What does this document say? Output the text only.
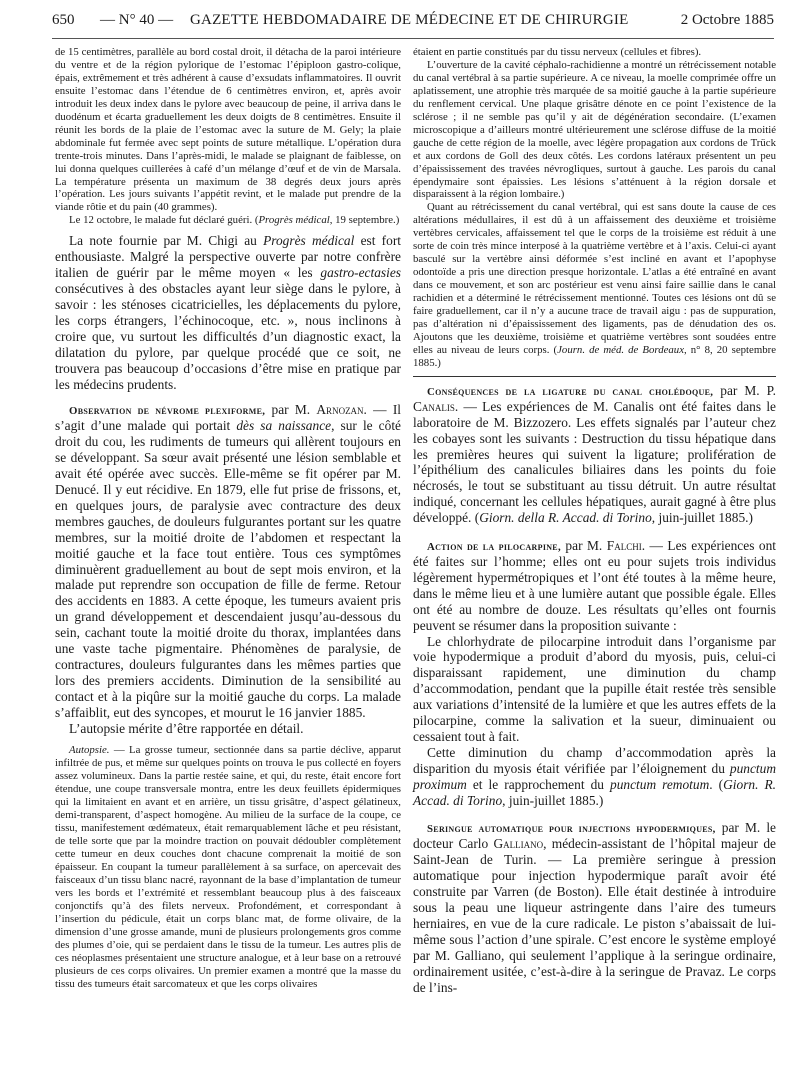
650 — N° 40 — GAZETTE HEBDOMADAIRE DE MÉDECINE ET DE CHIRURGIE	2 Octobre 1885

de 15 centimètres, parallèle au bord costal droit, il détacha de la paroi intérieure du ventre et de la région pylorique de l’estomac l’épiploon gastro-colique, épais, extrêmement et très adhérent à cause d’exsudats inflammatoires. Il ouvrit ensuite l’estomac dans l’étendue de 6 centimètres environ, et, après avoir introduit les deux index dans le pylore avec beaucoup de peine, il arriva dans le duodénum et écarta graduellement les deux doigts de 8 centimètres. Ensuite il réunit les bords de la plaie de l’estomac avec la suture de M. Gely; la plaie abdominale fut fermée avec sept points de suture métallique. L’opération dura trente-trois minutes. Dans l’après-midi, le malade se plaignant de faiblesse, on lui donna quelques cuillerées à café d’un mélange d’œuf et de vin de Marsala. La température présenta un maximum de 38 degrés deux jours après l’opération. Les jours suivants l’appétit revint, et le malade put prendre de la viande rôtie et du pain (40 grammes).

Le 12 octobre, le malade fut déclaré guéri. (Progrès médical, 19 septembre.)

La note fournie par M. Chigi au Progrès médical est fort enthousiaste. Malgré la perspective ouverte par notre confrère italien de guérir par le même moyen « les gastro-ectasies consécutives à des obstacles ayant leur siège dans le pylore, à savoir : les sténoses cicatricielles, les déplacements du pylore, les corps étrangers, l’échinocoque, etc. », nous inclinons à croire que, vu surtout les difficultés d’un diagnostic exact, la dilatation du pylore, par quelque procédé que ce soit, ne trouvera pas beaucoup d’occasions d’être mise en pratique par les médecins prudents.

Observation de névrome plexiforme, par M. Arnozan. — Il s’agit d’une malade qui portait dès sa naissance, sur le côté droit du cou, les rudiments de tumeurs qui allèrent toujours en se développant. Sa sœur avait présenté une lésion semblable et avait été opérée avec succès. Elle-même se fit opérer par M. Denucé. Il y eut récidive. En 1879, elle fut prise de frissons, et, en quelques jours, de paralysie avec contracture des deux membres gauches, de douleurs fulgurantes portant sur les quatre membres, sur la moitié droite de l’abdomen et respectant la moitié gauche et la face tout entière. Tous ces symptômes diminuèrent graduellement au bout de sept mois environ, et la malade put reprendre son occupation de fille de ferme. Retour des accidents en 1883. A cette époque, les tumeurs avaient pris un grand développement et descendaient jusqu’au-dessous du sein, cachant toute la moitié droite du thorax, implantées dans une vaste tache pigmentaire. Phénomènes de paralysie, de contractures, douleurs fulgurantes dans les mêmes parties que lors des premiers accidents. Diminution de la sensibilité au contact et à la piqûre sur la moitié gauche du corps. La malade s’affaiblit, eut des syncopes, et mourut le 16 janvier 1885.

L’autopsie mérite d’être rapportée en détail.

Autopsie. — La grosse tumeur, sectionnée dans sa partie déclive, apparut infiltrée de pus, et même sur quelques points on trouva le pus collecté en foyers assez volumineux. Dans la partie restée saine, et qui, du reste, était encore fort étendue, une coupe transversale montra, entre les deux feuillets épidermiques qui la limitaient en avant et en arrière, un tissu grisâtre, d’aspect gélatineux, demi-transparent, d’aspect homogène. Au milieu de la surface de la coupe, ce tissu, manifestement œdémateux, était remarquablement lâche et peu résistant, de telle sorte que par la moindre traction on pouvait dédoubler complètement cette tumeur en deux couches dont chacune comprenait la moitié de son épaisseur. En coupant la tumeur parallèlement à sa surface, on apercevait des faisceaux d’un tissu blanc nacré, rayonnant de la base d’implantation de tumeur vers les bords et l’extrémité et ressemblant beaucoup plus à des faisceaux conjonctifs qu’à des filets nerveux. Profondément, et correspondant à l’insertion du pédicule, était un corps blanc mat, de forme olivaire, de la dimension d’une grosse amande, muni de plusieurs prolongements gros comme des plumes d’oie, qui se perdaient dans le tissu de la tumeur. Les autres plis de ces néoplasmes présentaient une structure analogue, et à leur base on a retrouvé plusieurs de ces corps olivaires. Un premier examen a montré que la masse du tissu des tumeurs était sarcomateux et que les corps olivaires

étaient en partie constitués par du tissu nerveux (cellules et fibres).

L’ouverture de la cavité céphalo-rachidienne a montré un rétrécissement notable du canal vertébral à sa partie supérieure. A ce niveau, la moelle comprimée offre un aplatissement, une atrophie très marquée de sa moitié gauche à la partie supérieure du renflement cervical. Une plaque grisâtre dénote en ce point l’existence de la sclérose ; il ne semble pas qu’il y ait de dégénération secondaire. (L’examen microscopique a d’ailleurs montré ultérieurement une sclérose diffuse de la moitié gauche de cette région de la moelle, avec légère propagation aux cordons de Trück et aux cordons de Goll des deux côtés. Les cordons latéraux présentent un peu d’épaississement des travées névrogliques, surtout à gauche. Les parois du canal épendymaire sont épaissies. Les lésions s’atténuent à la région dorsale et disparaissent à la région lombaire.)

Quant au rétrécissement du canal vertébral, qui est sans doute la cause de ces altérations médullaires, il est dû à un affaissement des deuxième et troisième vertèbres cervicales, affaissement tel que le corps de la troisième est réduit à une sorte de coin très mince interposé à la quatrième vertèbre et à l’axis. Celui-ci ayant basculé sur la vertèbre ainsi déformée s’est incliné en avant et l’apophyse odontoïde a pris une direction presque horizontale. L’atlas a été entraîné en avant dans ce mouvement, et son arc postérieur est venu ainsi faire saillie dans le canal rachidien et a déterminé le rétrécissement mentionné. Toutes ces lésions ont dû se faire graduellement, car il n’y a aucune trace de travail aigu : pas de suppuration, pas d’altération ni d’épaississement des ligaments, pas de dénudation des os. Ajoutons que les deuxième, troisième et quatrième vertèbres sont soudées entre elles au niveau de leurs corps. (Journ. de méd. de Bordeaux, n° 8, 20 septembre 1885.)

Conséquences de la ligature du canal cholédoque, par M. P. Canalis. — Les expériences de M. Canalis ont été faites dans le laboratoire de M. Bizzozero. Les effets signalés par l’auteur chez les cobayes sont les suivants : Destruction du tissu hépatique dans les premières heures qui suivent la ligature; prolifération de l’épithélium des canalicules biliaires dans les points du foie nécrosés, le tout se substituant au tissu détruit. Un autre résultat indiqué, concernant les cellules hépatiques, aurait gagné à être plus développé. (Giorn. della R. Accad. di Torino, juin-juillet 1885.)

Action de la pilocarpine, par M. Falchi. — Les expériences ont été faites sur l’homme; elles ont eu pour sujets trois individus légèrement hypermétropiques et l’ont été toutes à la même heure, dans le même lieu et à une lumière autant que possible égale. Elles ont été au nombre de douze. Les résultats qu’elles ont fournis peuvent se résumer dans la proposition suivante :

Le chlorhydrate de pilocarpine introduit dans l’organisme par voie hypodermique a produit d’abord du myosis, puis, celui-ci disparaissant rapidement, une diminution du champ d’accommodation, pendant que la pupille était restée très sensible aux variations d’intensité de la lumière et que les autres effets de la pilocarpine, comme la salivation et la sueur, diminuaient ou cessaient tout à fait.

Cette diminution du champ d’accommodation après la disparition du myosis était vérifiée par l’éloignement du punctum proximum et le rapprochement du punctum remotum. (Giorn. R. Accad. di Torino, juin-juillet 1885.)

Seringue automatique pour injections hypodermiques, par M. le docteur Carlo Galliano, médecin-assistant de l’hôpital majeur de Saint-Jean de Turin. — La première seringue à pression automatique pour injection hypodermique paraît avoir été construite par Varren (de Boston). Elle était destinée à introduire sous la peau une liqueur astringente dans l’aire des tumeurs herniaires, en vue de la cure radicale. Le piston s’abaissait de lui-même sous l’action d’une spirale. C’est encore le système employé par M. Galliano, qui seulement l’applique à la seringue ordinaire, ordinairement usitée, c’est-à-dire à la seringue de Pravaz. Le corps de l’ins-
